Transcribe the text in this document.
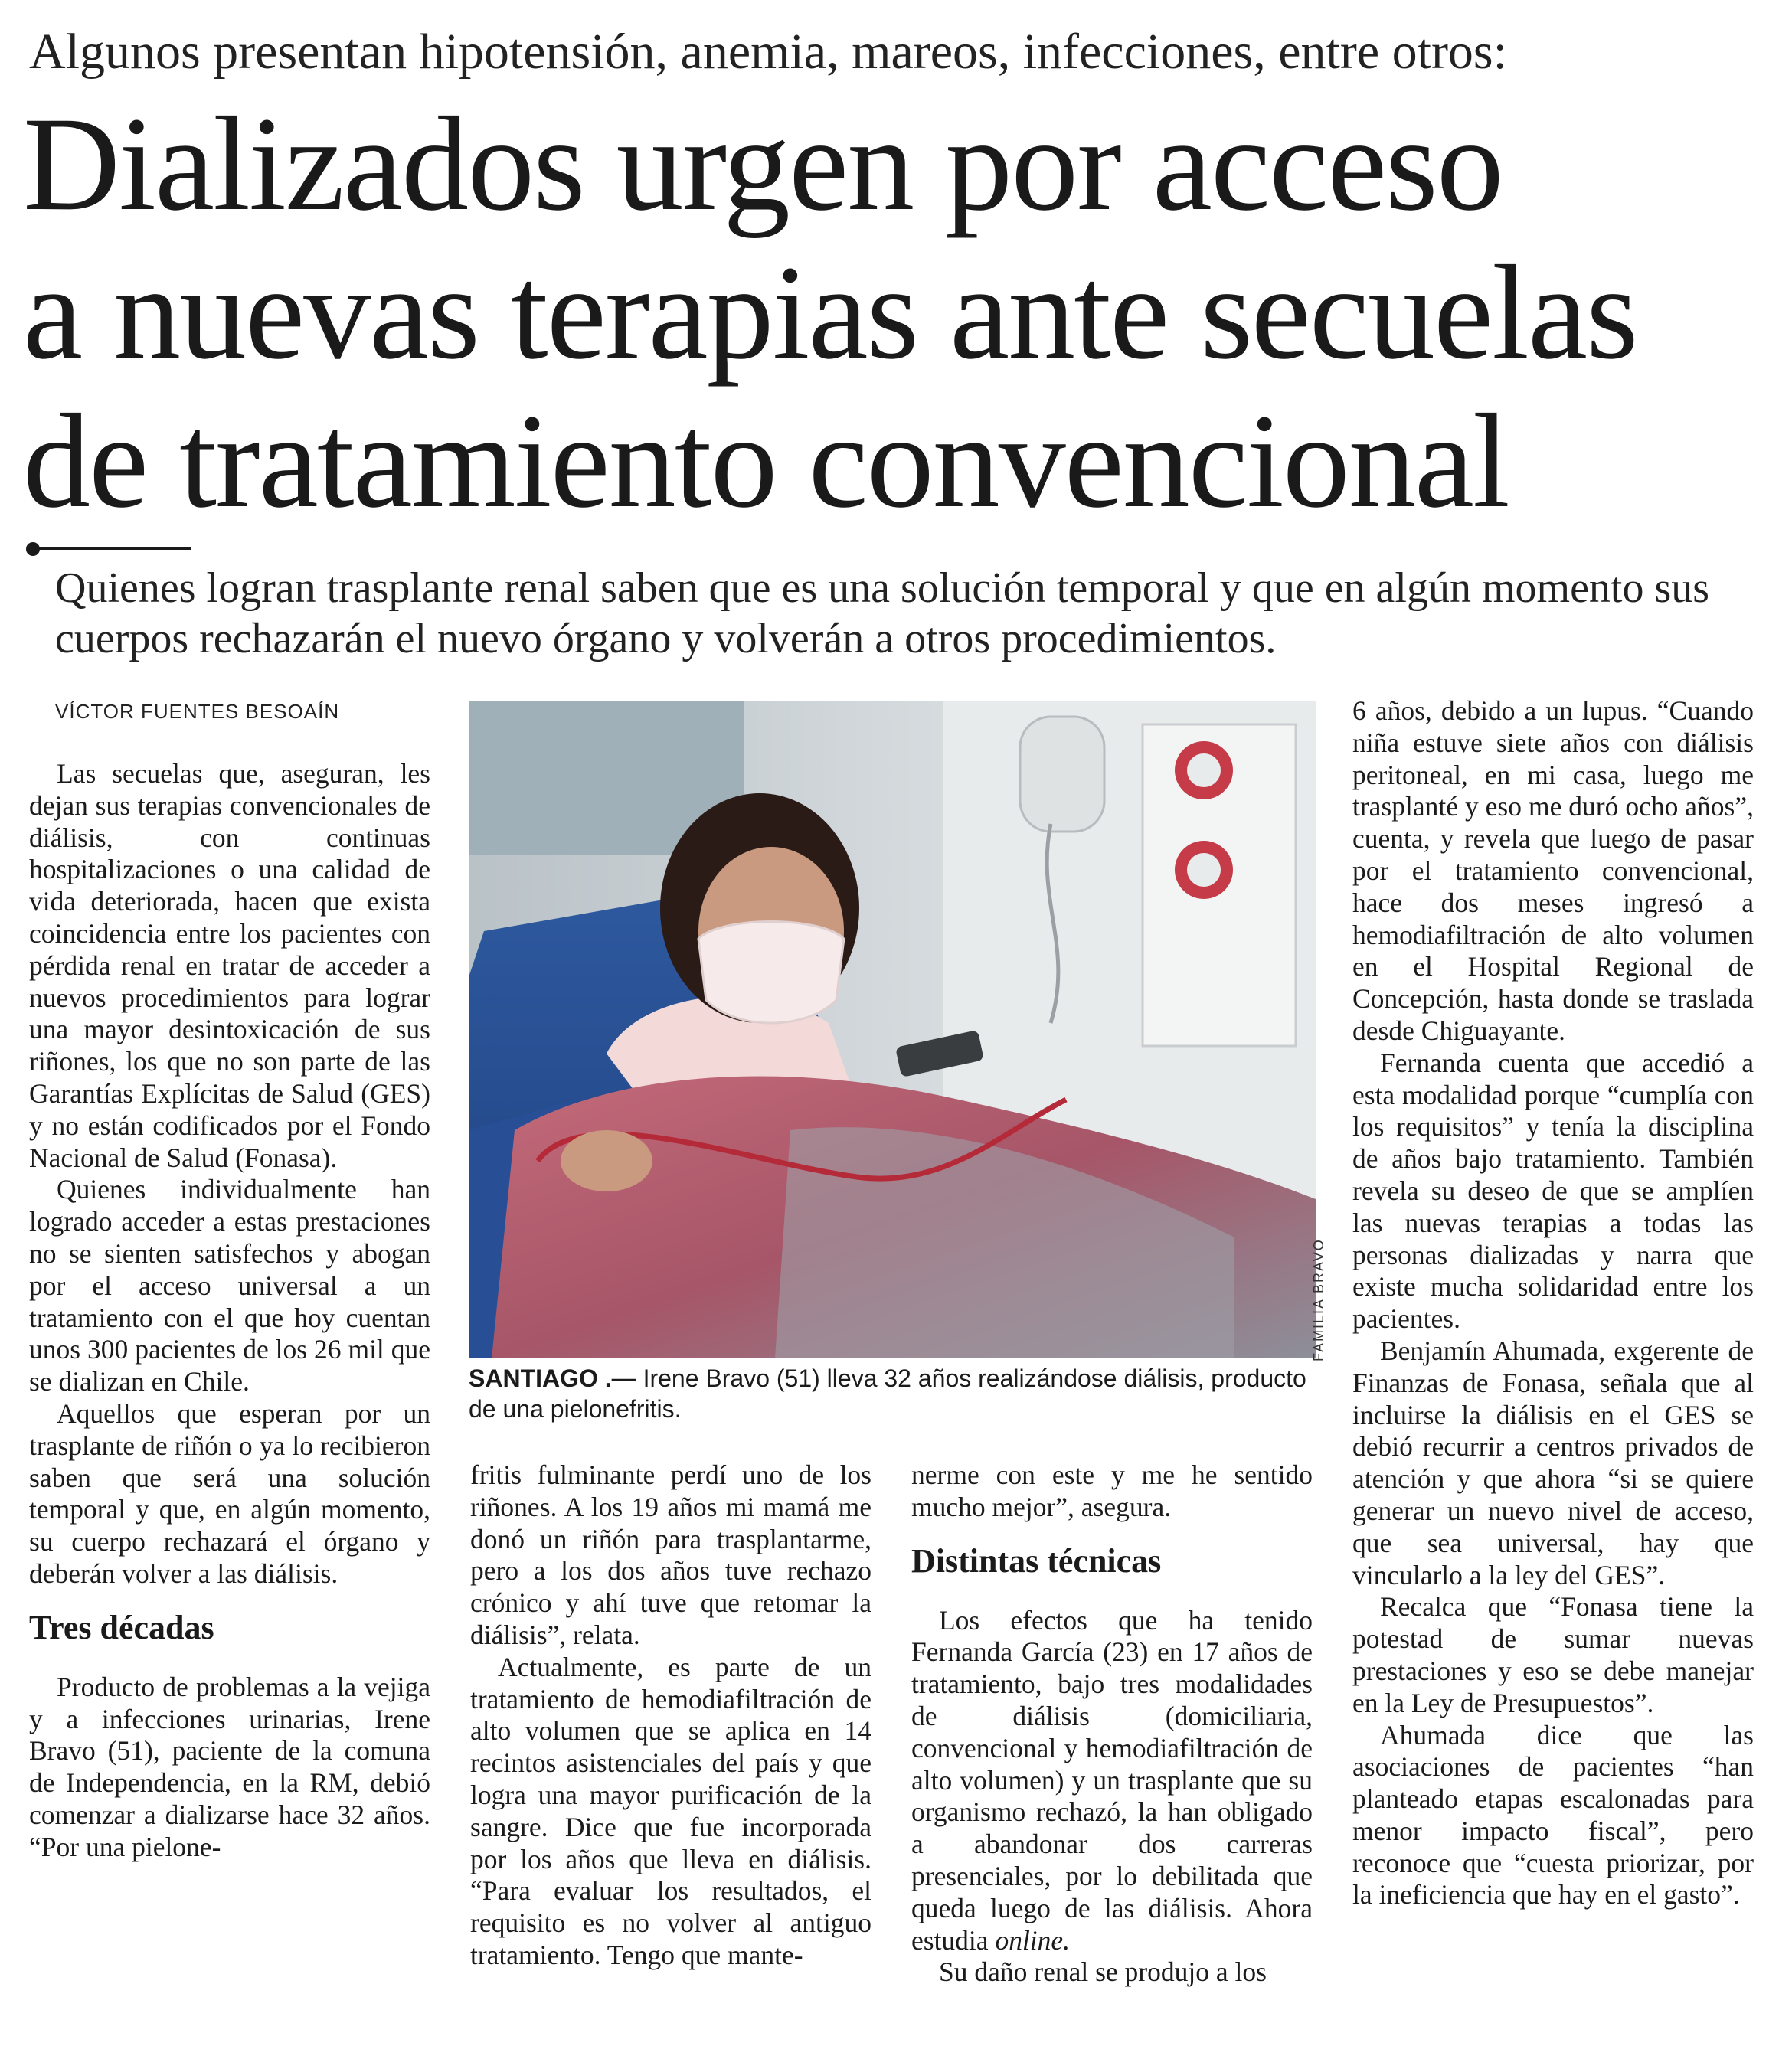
Algunos presentan hipotensión, anemia, mareos, infecciones, entre otros:
Dializados urgen por acceso
a nuevas terapias ante secuelas
de tratamiento convencional
Quienes logran trasplante renal saben que es una solución temporal y que en algún momento sus cuerpos rechazarán el nuevo órgano y volverán a otros procedimientos.
VÍCTOR FUENTES BESOAÍN

Las secuelas que, aseguran, les dejan sus terapias convencionales de diálisis, con continuas hospitalizaciones o una calidad de vida deteriorada, hacen que exista coincidencia entre los pacientes con pérdida renal en tratar de acceder a nuevos procedimientos para lograr una mayor desintoxicación de sus riñones, los que no son parte de las Garantías Explícitas de Salud (GES) y no están codificados por el Fondo Nacional de Salud (Fonasa).

Quienes individualmente han logrado acceder a estas prestaciones no se sienten satisfechos y abogan por el acceso universal a un tratamiento con el que hoy cuentan unos 300 pacientes de los 26 mil que se dializan en Chile.

Aquellos que esperan por un trasplante de riñón o ya lo recibieron saben que será una solución temporal y que, en algún momento, su cuerpo rechazará el órgano y deberán volver a las diálisis.

Tres décadas

Producto de problemas a la vejiga y a infecciones urinarias, Irene Bravo (51), paciente de la comuna de Independencia, en la RM, debió comenzar a dializarse hace 32 años. “Por una pielone-

FAMILIA BRAVO
SANTIAGO .— Irene Bravo (51) lleva 32 años realizándose diálisis, producto de una pielonefritis.

fritis fulminante perdí uno de los riñones. A los 19 años mi mamá me donó un riñón para trasplantarme, pero a los dos años tuve rechazo crónico y ahí tuve que retomar la diálisis”, relata.

Actualmente, es parte de un tratamiento de hemodiafiltración de alto volumen que se aplica en 14 recintos asistenciales del país y que logra una mayor purificación de la sangre. Dice que fue incorporada por los años que lleva en diálisis. “Para evaluar los resultados, el requisito es no volver al antiguo tratamiento. Tengo que mante-

nerme con este y me he sentido mucho mejor”, asegura.

Distintas técnicas

Los efectos que ha tenido Fernanda García (23) en 17 años de tratamiento, bajo tres modalidades de diálisis (domiciliaria, convencional y hemodiafiltración de alto volumen) y un trasplante que su organismo rechazó, la han obligado a abandonar dos carreras presenciales, por lo debilitada que queda luego de las diálisis. Ahora estudia online.

Su daño renal se produjo a los

6 años, debido a un lupus. “Cuando niña estuve siete años con diálisis peritoneal, en mi casa, luego me trasplanté y eso me duró ocho años”, cuenta, y revela que luego de pasar por el tratamiento convencional, hace dos meses ingresó a hemodiafiltración de alto volumen en el Hospital Regional de Concepción, hasta donde se traslada desde Chiguayante.

Fernanda cuenta que accedió a esta modalidad porque “cumplía con los requisitos” y tenía la disciplina de años bajo tratamiento. También revela su deseo de que se amplíen las nuevas terapias a todas las personas dializadas y narra que existe mucha solidaridad entre los pacientes.

Benjamín Ahumada, exgerente de Finanzas de Fonasa, señala que al incluirse la diálisis en el GES se debió recurrir a centros privados de atención y que ahora “si se quiere generar un nuevo nivel de acceso, que sea universal, hay que vincularlo a la ley del GES”.

Recalca que “Fonasa tiene la potestad de sumar nuevas prestaciones y eso se debe manejar en la Ley de Presupuestos”.

Ahumada dice que las asociaciones de pacientes “han planteado etapas escalonadas para menor impacto fiscal”, pero reconoce que “cuesta priorizar, por la ineficiencia que hay en el gasto”.
